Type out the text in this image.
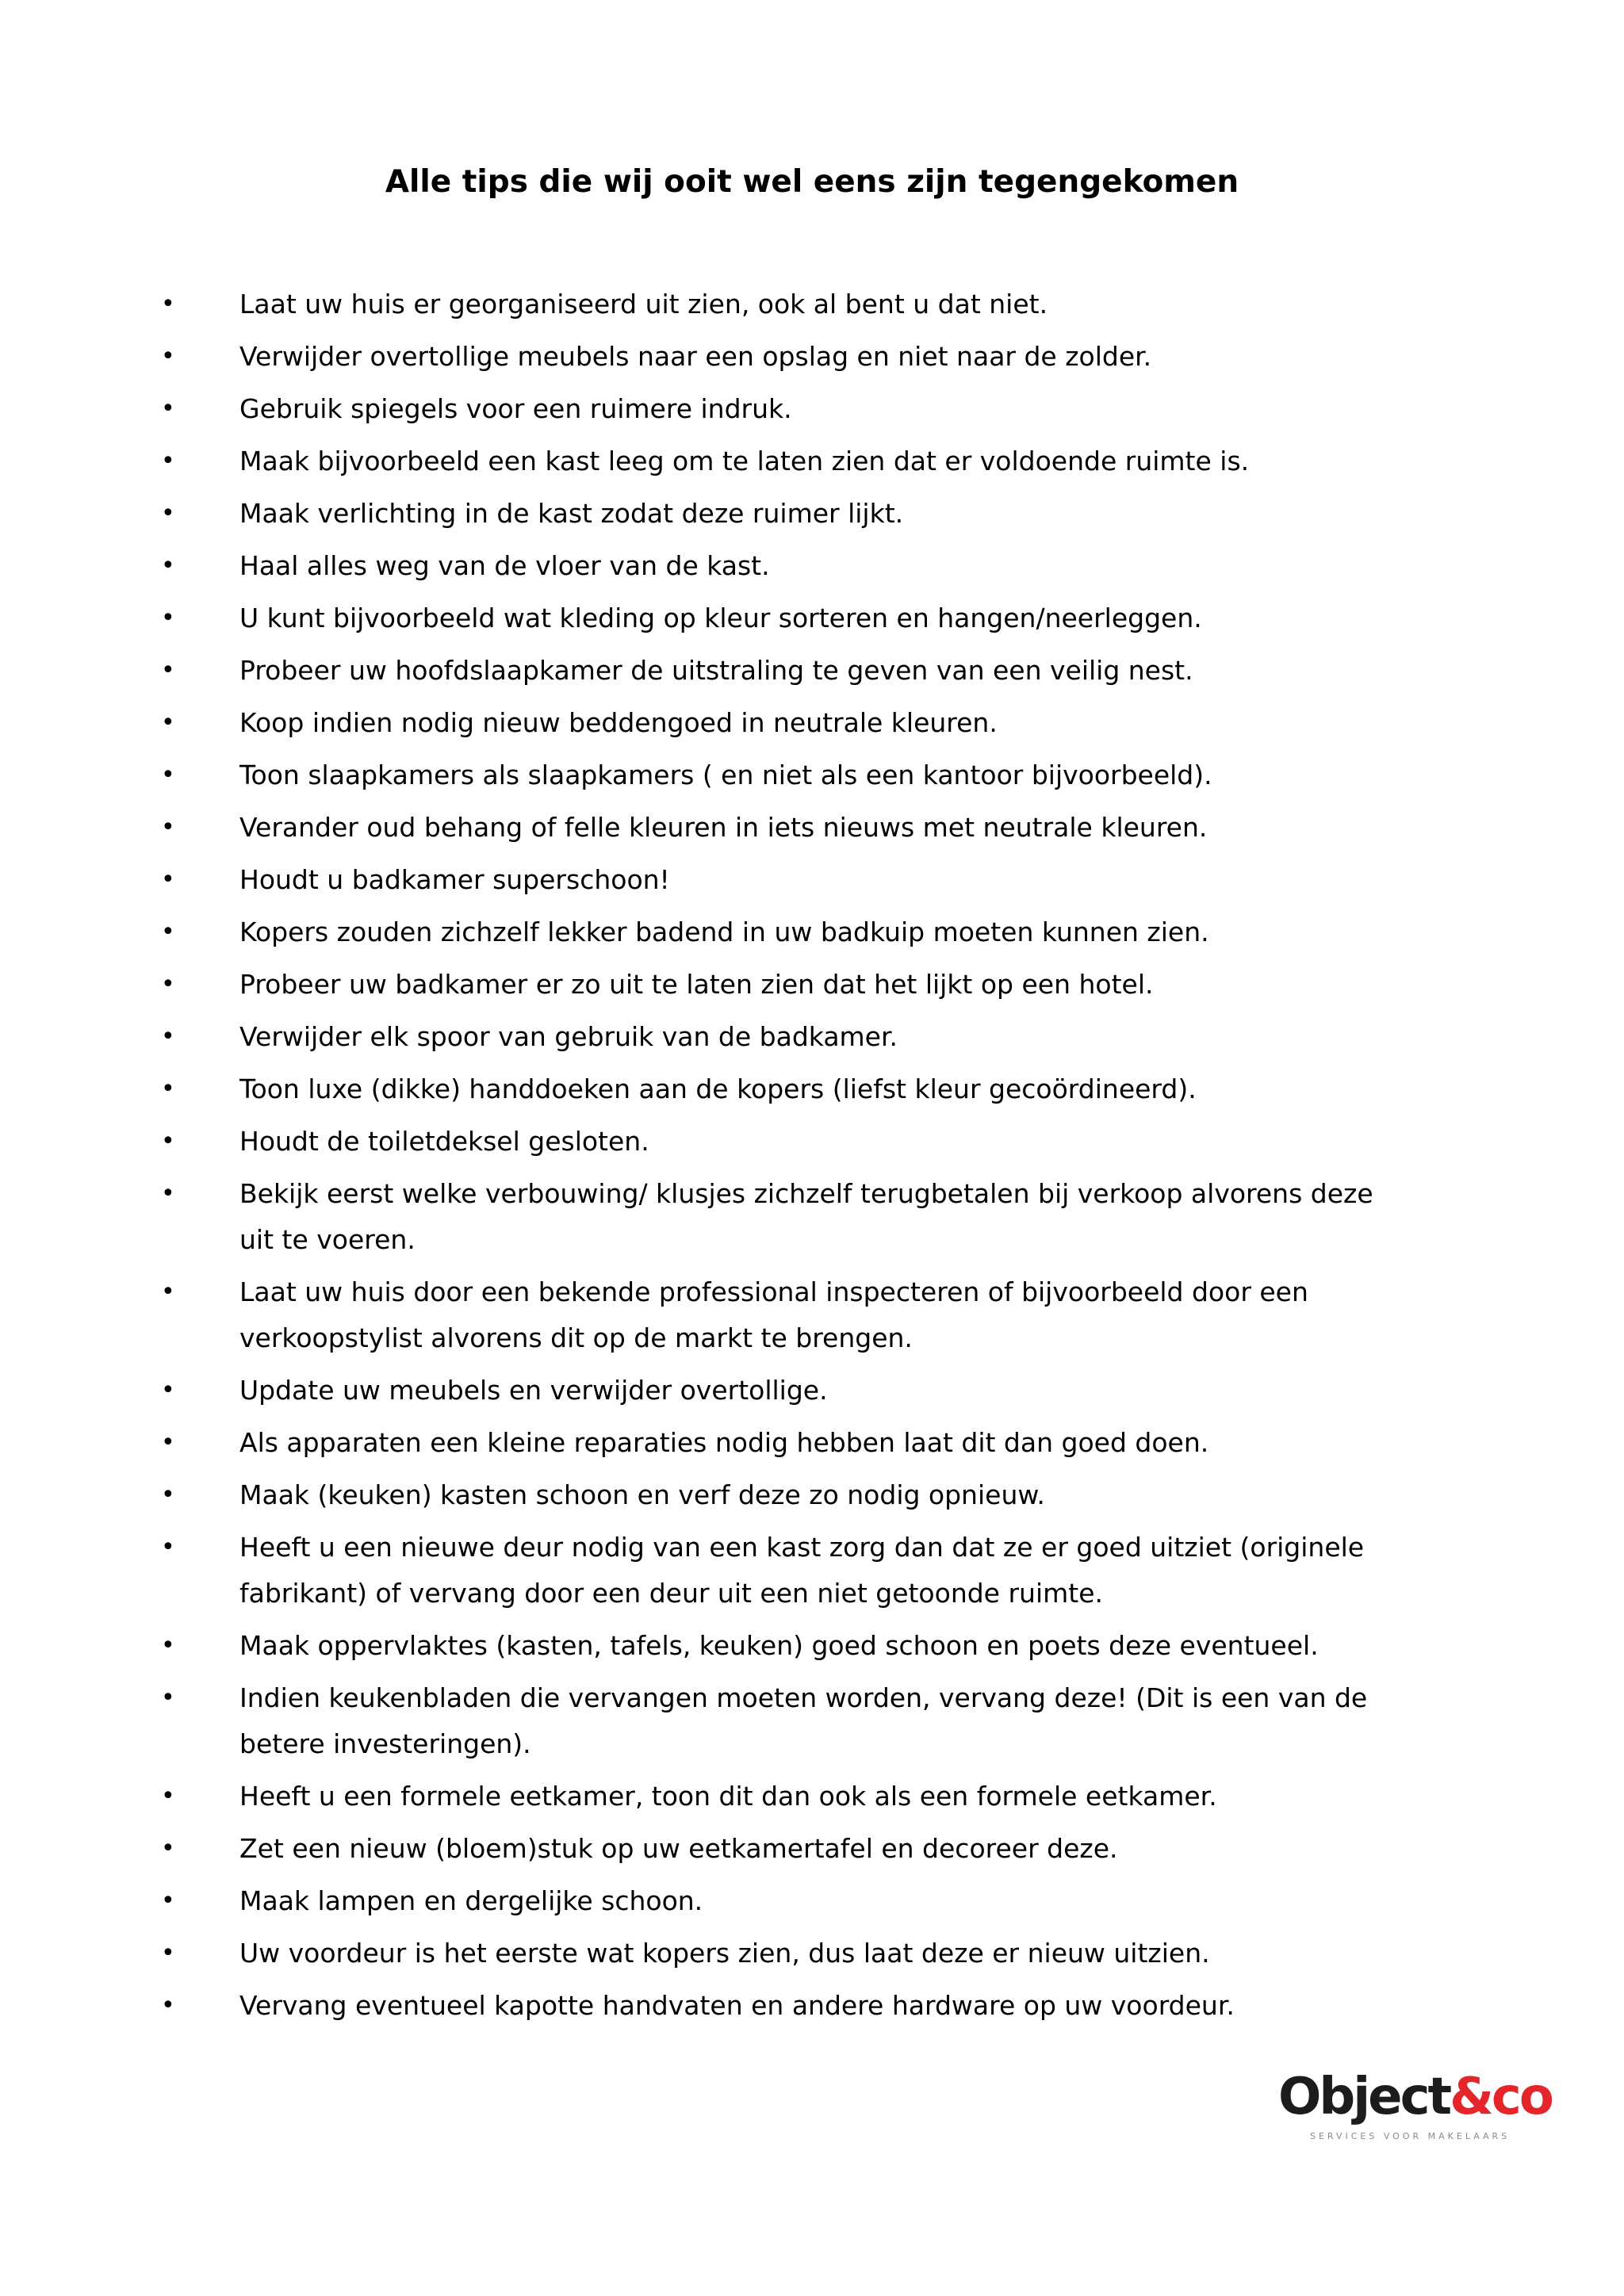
Alle tips die wij ooit wel eens zijn tegengekomen
•	Laat uw huis er georganiseerd uit zien, ook al bent u dat niet.
•	Verwijder overtollige meubels naar een opslag en niet naar de zolder.
•	Gebruik spiegels voor een ruimere indruk.
•	Maak bijvoorbeeld een kast leeg om te laten zien dat er voldoende ruimte is.
•	Maak verlichting in de kast zodat deze ruimer lijkt.
•	Haal alles weg van de vloer van de kast.
•	U kunt bijvoorbeeld wat kleding op kleur sorteren en hangen/neerleggen.
•	Probeer uw hoofdslaapkamer de uitstraling te geven van een veilig nest.
•	Koop indien nodig nieuw beddengoed in neutrale kleuren.
•	Toon slaapkamers als slaapkamers ( en niet als een kantoor bijvoorbeeld).
•	Verander oud behang of felle kleuren in iets nieuws met neutrale kleuren.
•	Houdt u badkamer superschoon!
•	Kopers zouden zichzelf lekker badend in uw badkuip moeten kunnen zien.
•	Probeer uw badkamer er zo uit te laten zien dat het lijkt op een hotel.
•	Verwijder elk spoor van gebruik van de badkamer.
•	Toon luxe (dikke) handdoeken aan de kopers (liefst kleur gecoördineerd).
•	Houdt de toiletdeksel gesloten.
•	Bekijk eerst welke verbouwing/ klusjes zichzelf terugbetalen bij verkoop alvorens deze uit te voeren.
•	Laat uw huis door een bekende professional inspecteren of bijvoorbeeld door een verkoopstylist alvorens dit op de markt te brengen.
•	Update uw meubels en verwijder overtollige.
•	Als apparaten een kleine reparaties nodig hebben laat dit dan goed doen.
•	Maak (keuken) kasten schoon en verf deze zo nodig opnieuw.
•	Heeft u een nieuwe deur nodig van een kast zorg dan dat ze er goed uitziet (originele fabrikant) of vervang door een deur uit een niet getoonde ruimte.
•	Maak oppervlaktes (kasten, tafels, keuken) goed schoon en poets deze eventueel.
•	Indien keukenbladen die vervangen moeten worden, vervang deze! (Dit is een van de betere investeringen).
•	Heeft u een formele eetkamer, toon dit dan ook als een formele eetkamer.
•	Zet een nieuw (bloem)stuk op uw eetkamertafel en decoreer deze.
•	Maak lampen en dergelijke schoon.
•	Uw voordeur is het eerste wat kopers zien, dus laat deze er nieuw uitzien.
•	Vervang eventueel kapotte handvaten en andere hardware op uw voordeur.
Object&co
SERVICES VOOR MAKELAARS
